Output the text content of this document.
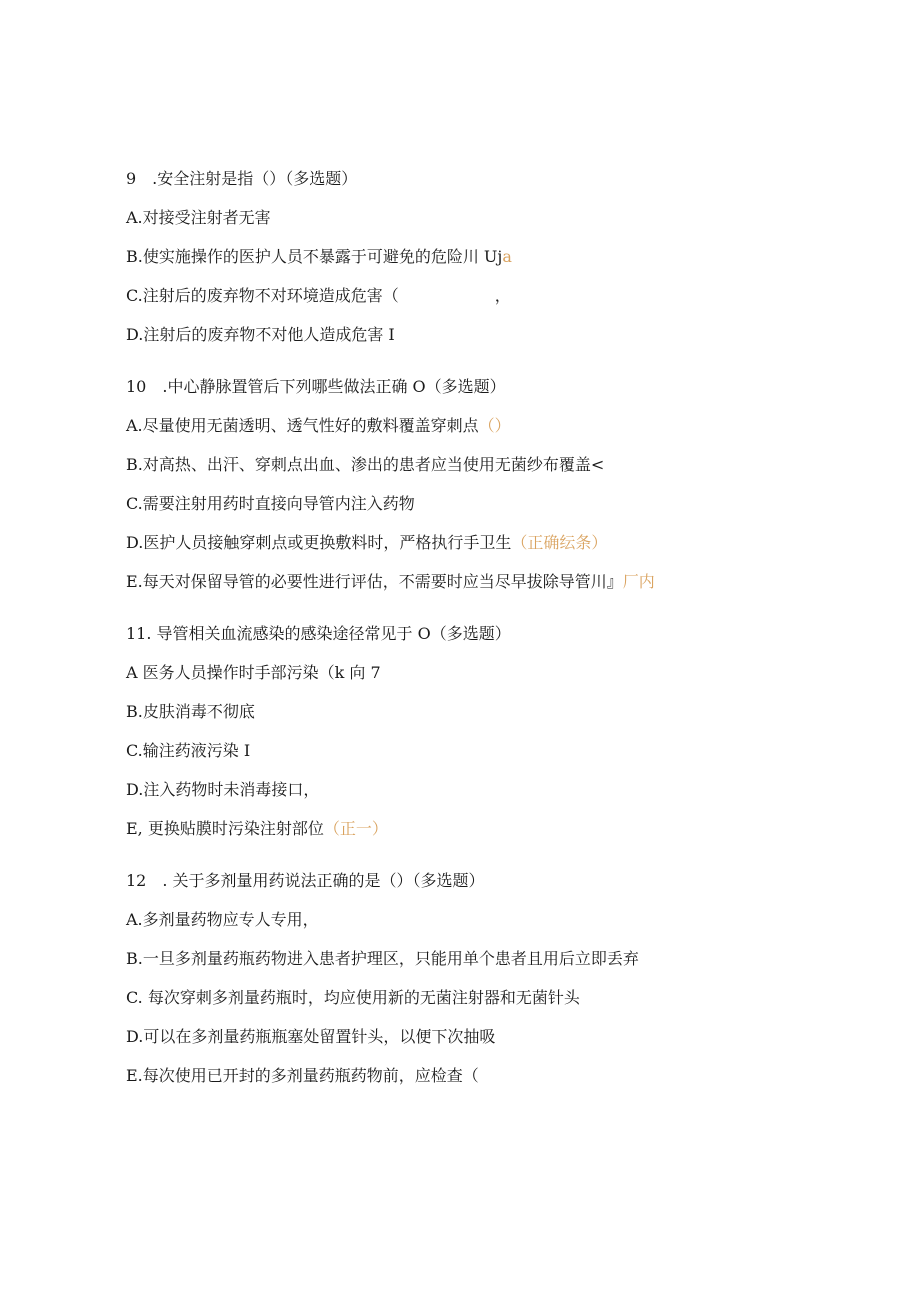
9　.安全注射是指（）（多选题）
A.对接受注射者无害
B.使实施操作的医护人员不暴露于可避免的危险川 Uja
C.注射后的废弃物不对环境造成危害（　　　　　　，
D.注射后的废弃物不对他人造成危害 I
10　.中心静脉置管后下列哪些做法正确 O（多选题）
A.尽量使用无菌透明、透气性好的敷料覆盖穿刺点（）
B.对高热、出汗、穿刺点出血、渗出的患者应当使用无菌纱布覆盖<
C.需要注射用药时直接向导管内注入药物
D.医护人员接触穿刺点或更换敷料时，严格执行手卫生（正确纭条）
E.每天对保留导管的必要性进行评估，不需要时应当尽早拔除导管川』厂内
11. 导管相关血流感染的感染途径常见于 O（多选题）
A 医务人员操作时手部污染（k 向 7
B.皮肤消毒不彻底
C.输注药液污染 I
D.注入药物时未消毒接口，
E, 更换贴膜时污染注射部位（正一）
12　. 关于多剂量用药说法正确的是（）（多选题）
A.多剂量药物应专人专用，
B.一旦多剂量药瓶药物进入患者护理区，只能用单个患者且用后立即丢弃
C. 每次穿刺多剂量药瓶时，均应使用新的无菌注射器和无菌针头
D.可以在多剂量药瓶瓶塞处留置针头，以便下次抽吸
E.每次使用已开封的多剂量药瓶药物前，应检查（
